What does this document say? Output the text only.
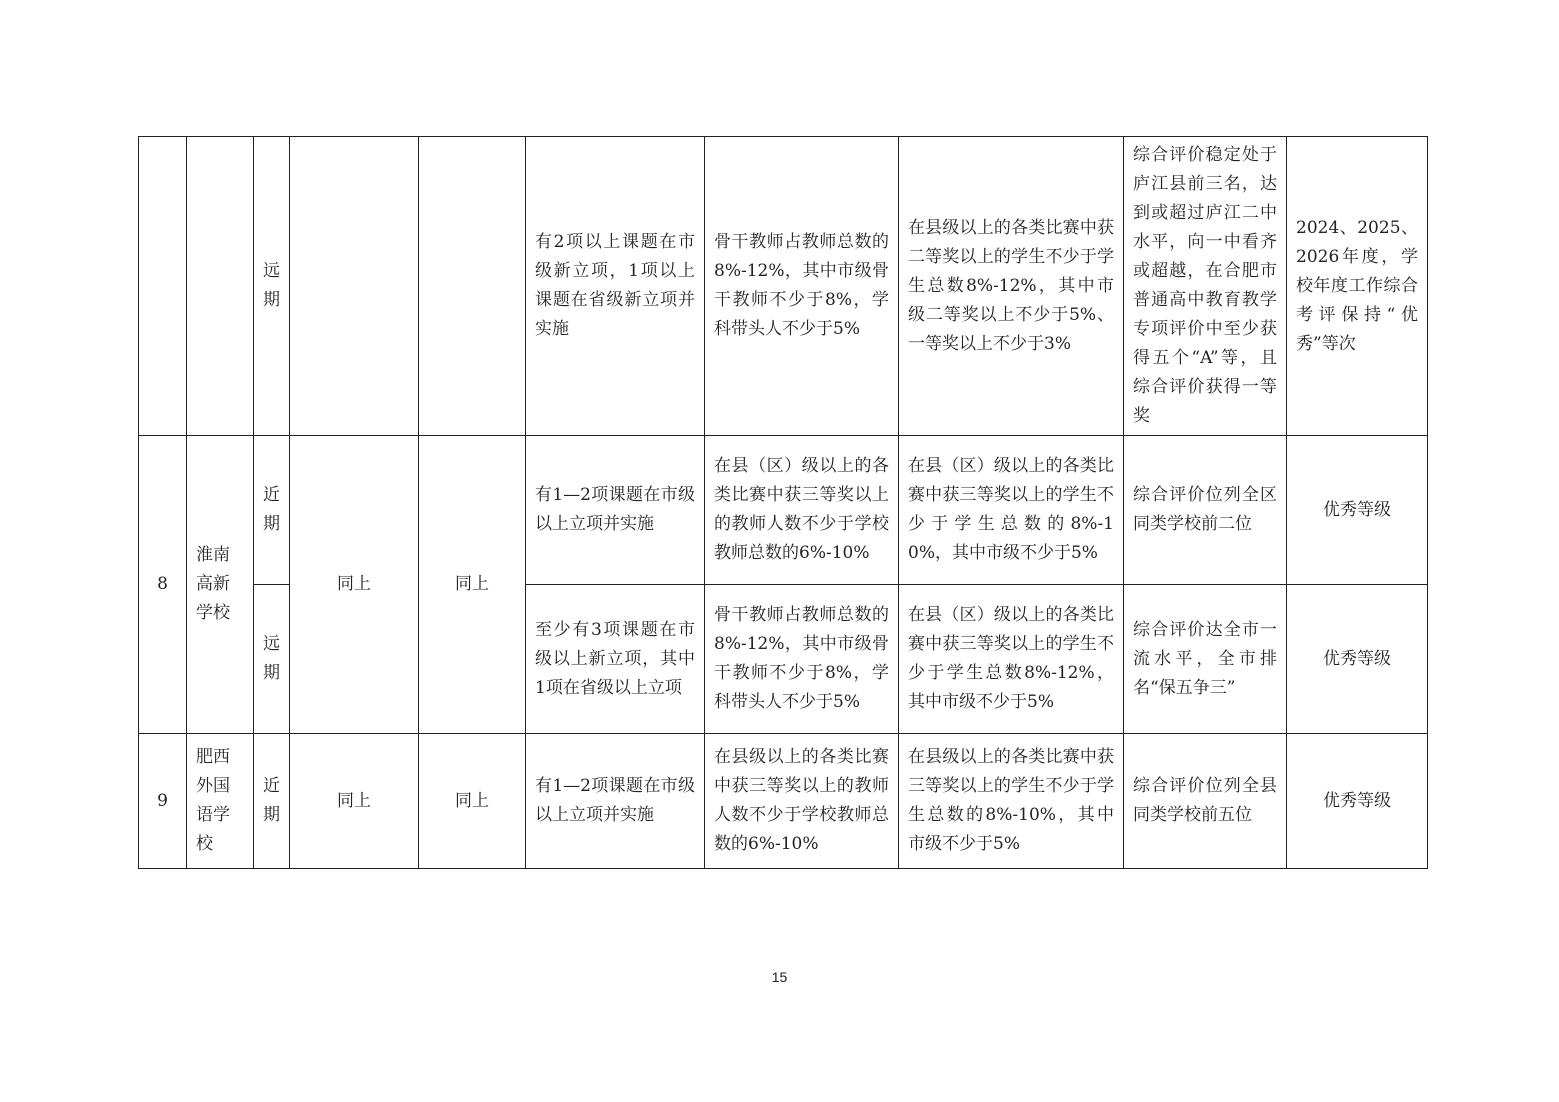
		远期			有2项以上课题在市级新立项，1项以上课题在省级新立项并实施	骨干教师占教师总数的8%-12%，其中市级骨干教师不少于8%，学科带头人不少于5%	在县级以上的各类比赛中获二等奖以上的学生不少于学生总数8%-12%，其中市级二等奖以上不少于5%、一等奖以上不少于3%	综合评价稳定处于庐江县前三名，达到或超过庐江二中水平，向一中看齐或超越，在合肥市普通高中教育教学专项评价中至少获得五个“A”等，且综合评价获得一等奖	2024、2025、2026年度，学校年度工作综合考评保持“优秀”等次
8	淮南高新学校	近期	同上	同上	有1—2项课题在市级以上立项并实施	在县（区）级以上的各类比赛中获三等奖以上的教师人数不少于学校教师总数的6%-10%	在县（区）级以上的各类比赛中获三等奖以上的学生不少于学生总数的8%-10%，其中市级不少于5%	综合评价位列全区同类学校前二位	优秀等级
		远期			至少有3项课题在市级以上新立项，其中1项在省级以上立项	骨干教师占教师总数的8%-12%，其中市级骨干教师不少于8%，学科带头人不少于5%	在县（区）级以上的各类比赛中获三等奖以上的学生不少于学生总数8%-12%，其中市级不少于5%	综合评价达全市一流水平，全市排名“保五争三”	优秀等级
9	肥西外国语学校	近期	同上	同上	有1—2项课题在市级以上立项并实施	在县级以上的各类比赛中获三等奖以上的教师人数不少于学校教师总数的6%-10%	在县级以上的各类比赛中获三等奖以上的学生不少于学生总数的8%-10%，其中市级不少于5%	综合评价位列全县同类学校前五位	优秀等级
15
